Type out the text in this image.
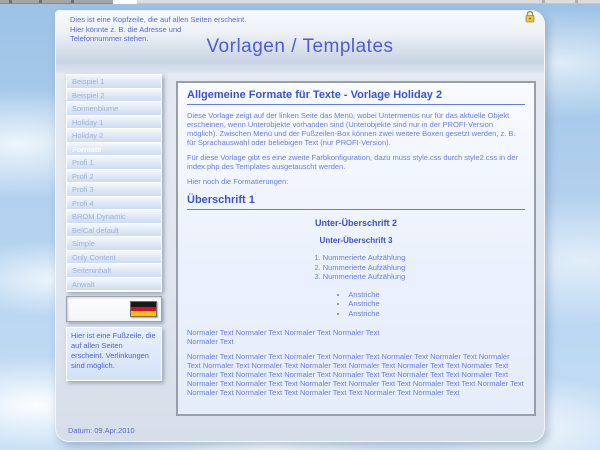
Dies ist eine Kopfzeile, die auf allen Seiten erscheint.
Hier könnte z. B. die Adresse und
Telefonnummer stehen.	Vorlagen / Templates
Beispiel 1
Beispiel 2
Sonnenblume
Holiday 1
Holiday 2
Formate
Profi 1
Profi 2
Profi 3
Profi 4
BROM Dynamic
BelCal default
Simple
Only Content
Seiteninhalt
Anwalt
Hier ist eine Fußzeile, die auf allen Seiten erscheint. Verlinkungen sind möglich.
Allgemeine Formate für Texte - Vorlage Holiday 2

Diese Vorlage zeigt auf der linken Seite das Menü, wobei Untermenüs nur für das aktuelle Objekt erscheinen, wenn Unterobjekte vorhanden sind (Unterobjekte sind nur in der PROFI-Version möglich). Zwischen Menü und der Fußzeilen-Box können zwei weitere Boxen gesetzt werden, z. B. für Sprachauswahl oder beliebigen Text (nur PROFI-Version).

Für diese Vorlage gibt es eine zweite Farbkonfiguration, dazu muss style.css durch style2.css in der index.php des Templates ausgetauscht werden.

Hier noch die Formatierungen:

Überschrift 1
Unter-Überschrift 2
Unter-Überschrift 3
1. Nummerierte Aufzählung
2. Nummerierte Aufzählung
3. Nummerierte Aufzählung
• Anstriche
• Anstriche
• Anstriche

Normaler Text Normaler Text Normaler Text Normaler Text
Normaler Text

Normaler Text Normaler Text Normaler Text Normaler Text Normaler Text Normaler Text Normaler Text Normaler Text Normaler Text Normaler Text Normaler Text Normaler Text Text Normaler Text Normaler Text Normaler Text Normaler Text Normaler Text Text Normaler Text Text Normaler Text Normaler Text Normaler Text Text Normaler Text Normaler Text Text Normaler Text Text Normaler Text Normaler Text Normaler Text Text Normaler Text Text Normaler Text Normaler Text

Datum: 09.Apr.2010
